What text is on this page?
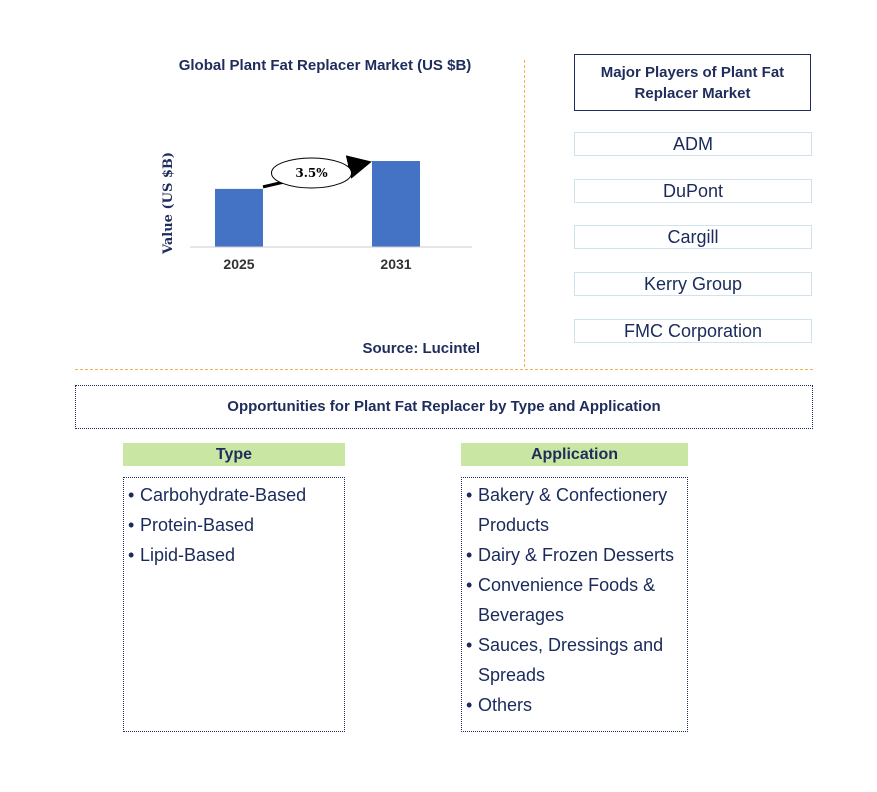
Global Plant Fat Replacer Market (US $B)
Value (US $B)
2025	2031
3.5%
Source: Lucintel
Major Players of Plant Fat Replacer Market
ADM
DuPont
Cargill
Kerry Group
FMC Corporation
Opportunities for Plant Fat Replacer by Type and Application
Type
• Carbohydrate-Based
• Protein-Based
• Lipid-Based
Application
• Bakery & Confectionery Products
• Dairy & Frozen Desserts
• Convenience Foods & Beverages
• Sauces, Dressings and Spreads
• Others
